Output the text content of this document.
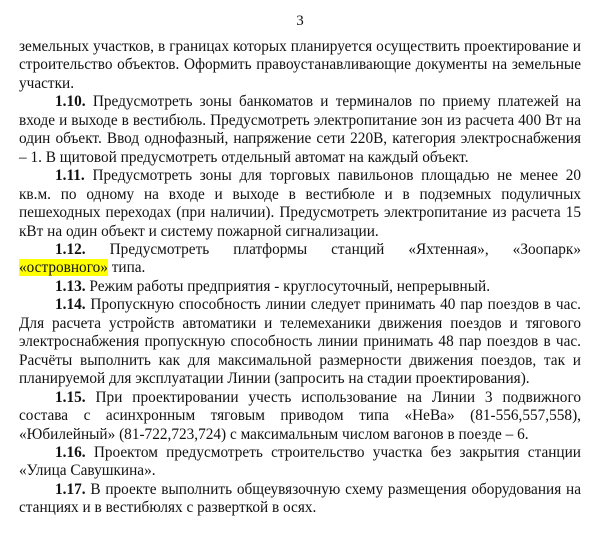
3

земельных участков, в границах которых планируется осуществить проектирование и строительство объектов. Оформить правоустанавливающие документы на земельные участки.

1.10. Предусмотреть зоны банкоматов и терминалов по приему платежей на входе и выходе в вестибюль. Предусмотреть электропитание зон из расчета 400 Вт на один объект. Ввод однофазный, напряжение сети 220В, категория электроснабжения – 1. В щитовой предусмотреть отдельный автомат на каждый объект.

1.11. Предусмотреть зоны для торговых павильонов площадью не менее 20 кв.м. по одному на входе и выходе в вестибюле и в подземных подуличных пешеходных переходах (при наличии). Предусмотреть электропитание из расчета 15 кВт на один объект и систему пожарной сигнализации.

1.12. Предусмотреть платформы станций «Яхтенная», «Зоопарк»

«островного» типа.

1.13. Режим работы предприятия - круглосуточный, непрерывный.

1.14. Пропускную способность линии следует принимать 40 пар поездов в час. Для расчета устройств автоматики и телемеханики движения поездов и тягового электроснабжения пропускную способность линии принимать 48 пар поездов в час. Расчёты выполнить как для максимальной размерности движения поездов, так и планируемой для эксплуатации Линии (запросить на стадии проектирования).

1.15. При проектировании учесть использование на Линии 3 подвижного состава с асинхронным тяговым приводом типа «НеВа» (81-556,557,558), «Юбилейный» (81-722,723,724) с максимальным числом вагонов в поезде – 6.

1.16. Проектом предусмотреть строительство участка без закрытия станции «Улица Савушкина».

1.17. В проекте выполнить общеувязочную схему размещения оборудования на станциях и в вестибюлях с разверткой в осях.
